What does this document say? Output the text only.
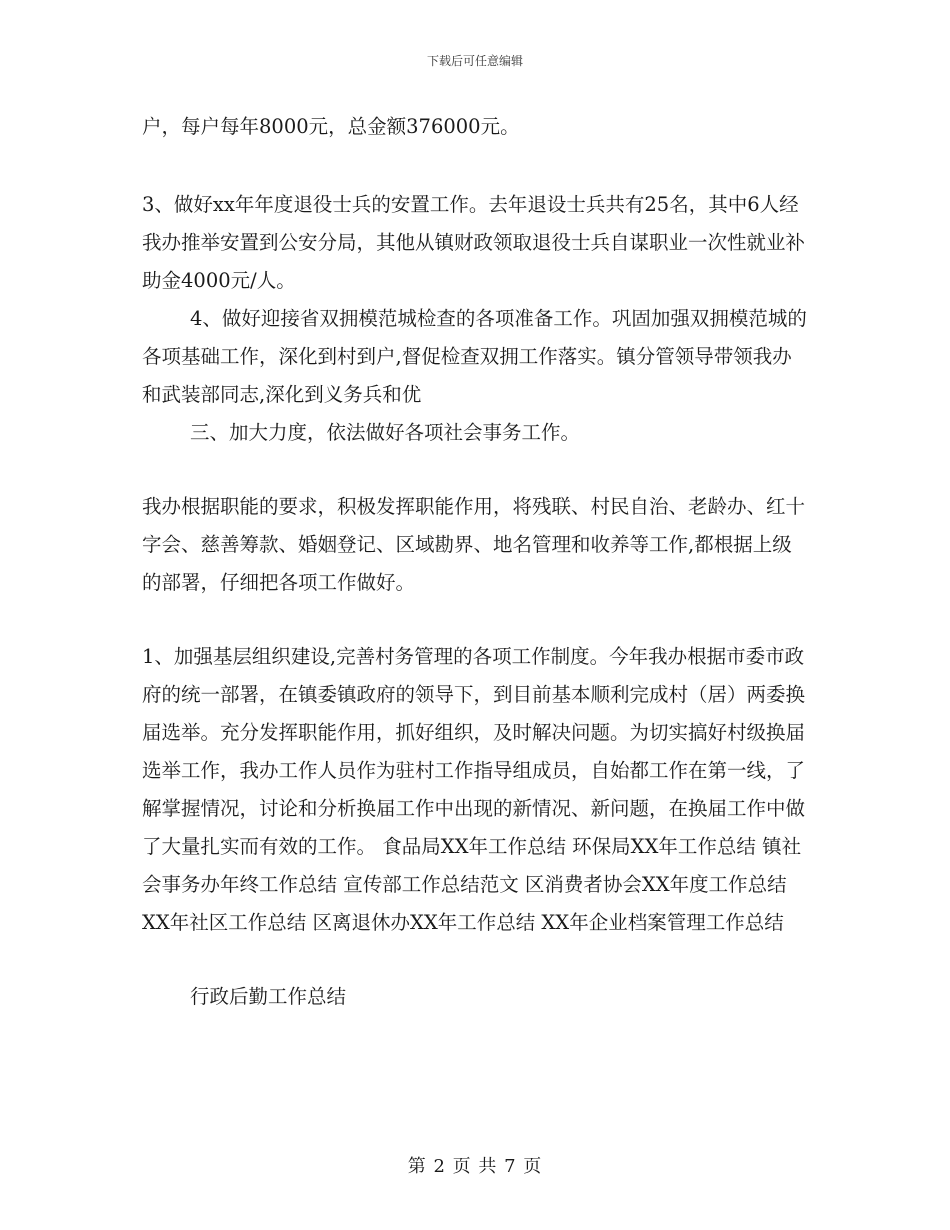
下载后可任意编辑

户，每户每年8000元，总金额376000元。

3、做好xx年年度退役士兵的安置工作。去年退设士兵共有25名，其中6人经我办推举安置到公安分局，其他从镇财政领取退役士兵自谋职业一次性就业补助金4000元/人。

4、做好迎接省双拥模范城检查的各项准备工作。巩固加强双拥模范城的各项基础工作，深化到村到户,督促检查双拥工作落实。镇分管领导带领我办和武装部同志,深化到义务兵和优

三、加大力度，依法做好各项社会事务工作。

我办根据职能的要求，积极发挥职能作用，将残联、村民自治、老龄办、红十字会、慈善筹款、婚姻登记、区域勘界、地名管理和收养等工作,都根据上级的部署，仔细把各项工作做好。

1、加强基层组织建设,完善村务管理的各项工作制度。今年我办根据市委市政府的统一部署，在镇委镇政府的领导下，到目前基本顺利完成村（居）两委换届选举。充分发挥职能作用，抓好组织，及时解决问题。为切实搞好村级换届选举工作，我办工作人员作为驻村工作指导组成员，自始都工作在第一线，了解掌握情况，讨论和分析换届工作中出现的新情况、新问题，在换届工作中做了大量扎实而有效的工作。 食品局XX年工作总结 环保局XX年工作总结 镇社会事务办年终工作总结 宣传部工作总结范文 区消费者协会XX年度工作总结 XX年社区工作总结 区离退休办XX年工作总结 XX年企业档案管理工作总结

行政后勤工作总结

第 2 页 共 7 页
